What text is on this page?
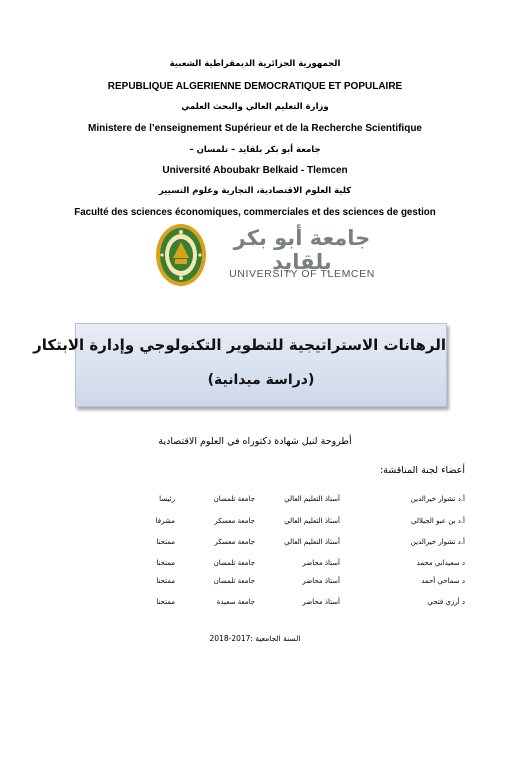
الجمهورية الجزائرية الديمقراطية الشعبية
REPUBLIQUE ALGERIENNE DEMOCRATIQUE ET POPULAIRE
وزارة التعليم العالي والبحث العلمي
Ministere de l’enseignement Supérieur et de la Recherche Scientifique
جامعة أبو بكر بلقايد – تلمسان –
Université Aboubakr Belkaid - Tlemcen
كلية العلوم الاقتصادية، التجارية وعلوم التسيير
Faculté des sciences économiques, commerciales et des sciences de gestion
جامعة أبو بكر بلقايد
UNIVERSITY OF TLEMCEN
الرهانات الاستراتيجية للتطوير التكنولوجي وإدارة الابتكار
(دراسة ميدانية)
أطروحة لنيل شهادة دكتوراه في العلوم الاقتصادية
أعضاء لجنة المناقشة:
أ.د تشوار خيرالدين
أستاذ التعليم العالي
جامعة تلمسان
رئيسا
أ.د بن عبو الجيلالي
أستاذ التعليم العالي
جامعة معسكر
مشرفا
أ.د تشوار خيرالدين
أستاذ التعليم العالي
جامعة معسكر
ممتحنا
د سعيداني محمد
أستاذ محاضر
جامعة تلمسان
ممتحنا
د سماحي أحمد
أستاذ محاضر
جامعة تلمسان
ممتحنا
د أرزي فتحي
أستاذ محاضر
جامعة سعيدة
ممتحنا
السنة الجامعية :2017-2018
